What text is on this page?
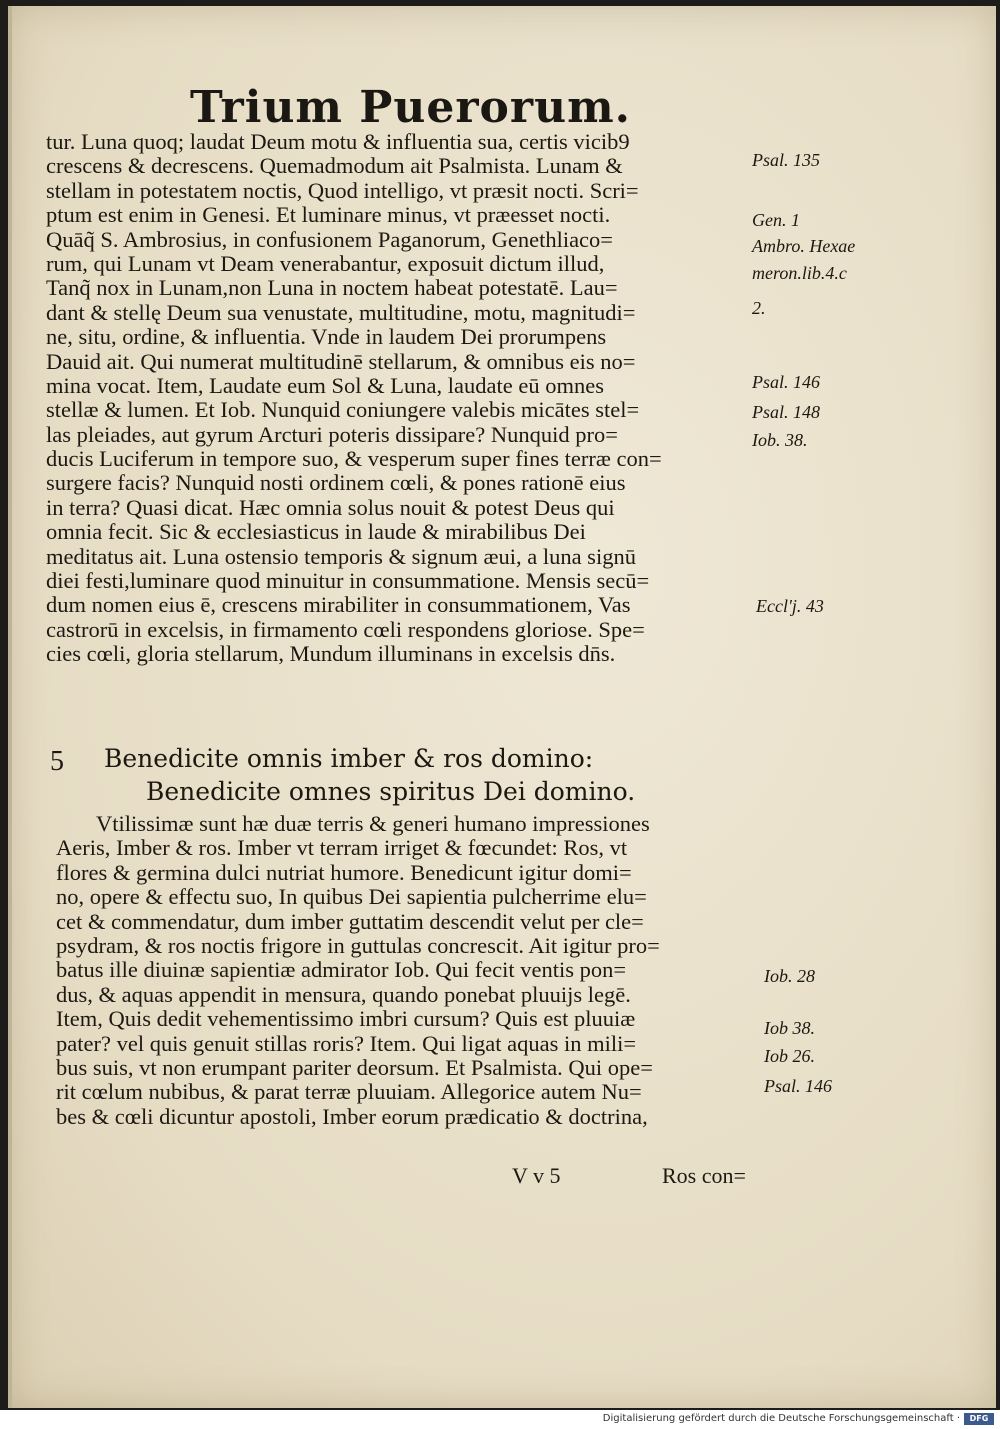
Trium Puerorum.
tur. Luna quoq; laudat Deum motu & influentia sua, certis vicib9
crescens & decrescens. Quemadmodum ait Psalmista. Lunam &
stellam in potestatem noctis, Quod intelligo, vt præsit nocti. Scri=
ptum est enim in Genesi. Et luminare minus, vt præesset nocti.
Quāq̃ S. Ambrosius, in confusionem Paganorum, Genethliaco=
rum, qui Lunam vt Deam venerabantur, exposuit dictum illud,
Tanq̃ nox in Lunam,non Luna in noctem habeat potestatē. Lau=
dant & stellę Deum sua venustate, multitudine, motu, magnitudi=
ne, situ, ordine, & influentia. Vnde in laudem Dei prorumpens
Dauid ait. Qui numerat multitudinē stellarum, & omnibus eis no=
mina vocat. Item, Laudate eum Sol & Luna, laudate eū omnes
stellæ & lumen. Et Iob. Nunquid coniungere valebis micātes stel=
las pleiades, aut gyrum Arcturi poteris dissipare? Nunquid pro=
ducis Luciferum in tempore suo, & vesperum super fines terræ con=
surgere facis? Nunquid nosti ordinem cœli, & pones rationē eius
in terra? Quasi dicat. Hæc omnia solus nouit & potest Deus qui
omnia fecit. Sic & ecclesiasticus in laude & mirabilibus Dei
meditatus ait. Luna ostensio temporis & signum æui, a luna signū
diei festi,luminare quod minuitur in consummatione. Mensis secū=
dum nomen eius ē, crescens mirabiliter in consummationem, Vas
castrorū in excelsis, in firmamento cœli respondens gloriose. Spe=
cies cœli, gloria stellarum, Mundum illuminans in excelsis dn̄s.
5 Benedicite omnis imber & ros domino:
Benedicite omnes spiritus Dei domino.
Vtilissimæ sunt hæ duæ terris & generi humano impressiones
Aeris, Imber & ros. Imber vt terram irriget & fœcundet: Ros, vt
flores & germina dulci nutriat humore. Benedicunt igitur domi=
no, opere & effectu suo, In quibus Dei sapientia pulcherrime elu=
cet & commendatur, dum imber guttatim descendit velut per cle=
psydram, & ros noctis frigore in guttulas concrescit. Ait igitur pro=
batus ille diuinæ sapientiæ admirator Iob. Qui fecit ventis pon=
dus, & aquas appendit in mensura, quando ponebat pluuijs legē.
Item, Quis dedit vehementissimo imbri cursum? Quis est pluuiæ
pater? vel quis genuit stillas roris? Item. Qui ligat aquas in mili=
bus suis, vt non erumpant pariter deorsum. Et Psalmista. Qui ope=
rit cœlum nubibus, & parat terræ pluuiam. Allegorice autem Nu=
bes & cœli dicuntur apostoli, Imber eorum prædicatio & doctrina,
V v 5	Ros con=
Psal. 135
Gen. 1
Ambro. Hexae
meron.lib.4.c
2.
Psal. 146
Psal. 148
Iob. 38.
Eccl'j. 43
Iob. 28
Iob 38.
Iob 26.
Psal. 146
Digitalisierung gefördert durch die Deutsche Forschungsgemeinschaft ·	DFG
